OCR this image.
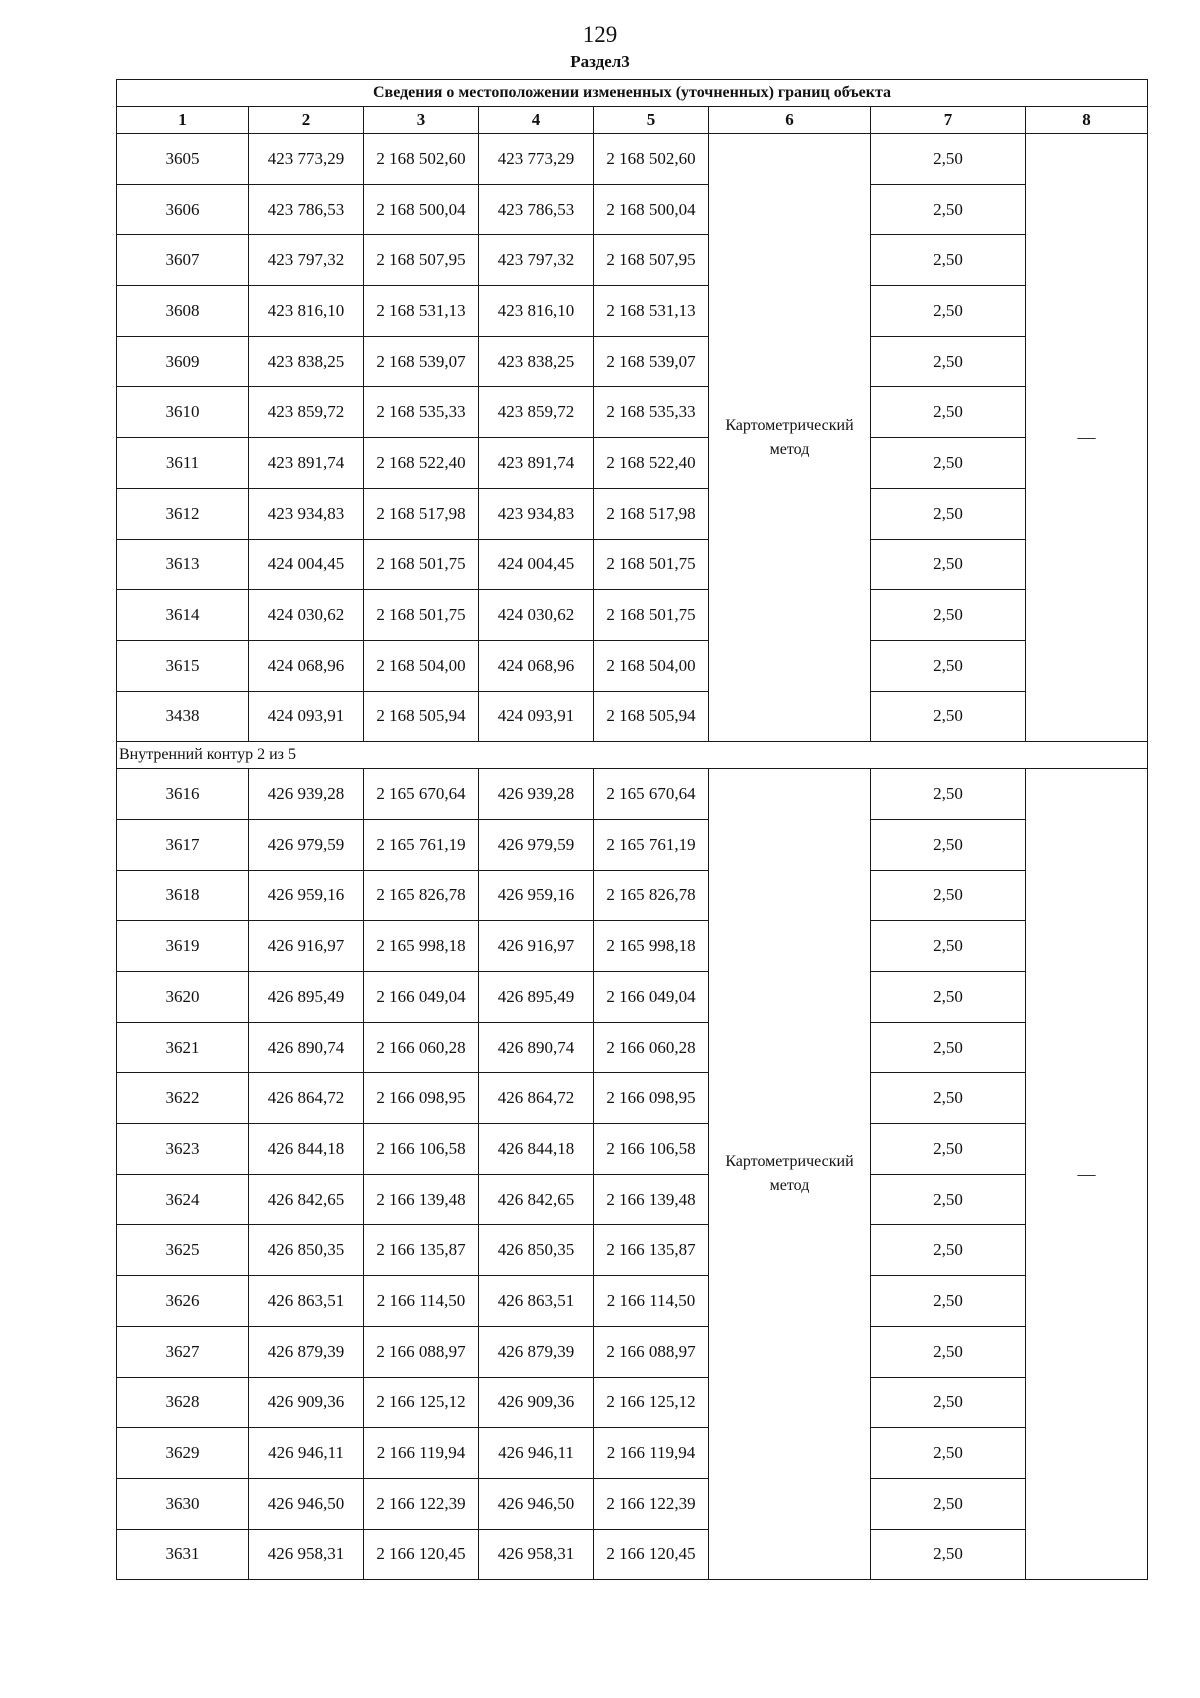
129
Раздел3
Сведения о местоположении измененных (уточненных) границ объекта							
1	2	3	4	5	6	7	8
3605	423 773,29	2 168 502,60	423 773,29	2 168 502,60	Картометрический метод	2,50	—
3606	423 786,53	2 168 500,04	423 786,53	2 168 500,04		2,50	
3607	423 797,32	2 168 507,95	423 797,32	2 168 507,95		2,50	
3608	423 816,10	2 168 531,13	423 816,10	2 168 531,13		2,50	
3609	423 838,25	2 168 539,07	423 838,25	2 168 539,07		2,50	
3610	423 859,72	2 168 535,33	423 859,72	2 168 535,33		2,50	
3611	423 891,74	2 168 522,40	423 891,74	2 168 522,40		2,50	
3612	423 934,83	2 168 517,98	423 934,83	2 168 517,98		2,50	
3613	424 004,45	2 168 501,75	424 004,45	2 168 501,75		2,50	
3614	424 030,62	2 168 501,75	424 030,62	2 168 501,75		2,50	
3615	424 068,96	2 168 504,00	424 068,96	2 168 504,00		2,50	
3438	424 093,91	2 168 505,94	424 093,91	2 168 505,94		2,50	
Внутренний контур 2 из 5							
3616	426 939,28	2 165 670,64	426 939,28	2 165 670,64	Картометрический метод	2,50	—
3617	426 979,59	2 165 761,19	426 979,59	2 165 761,19		2,50	
3618	426 959,16	2 165 826,78	426 959,16	2 165 826,78		2,50	
3619	426 916,97	2 165 998,18	426 916,97	2 165 998,18		2,50	
3620	426 895,49	2 166 049,04	426 895,49	2 166 049,04		2,50	
3621	426 890,74	2 166 060,28	426 890,74	2 166 060,28		2,50	
3622	426 864,72	2 166 098,95	426 864,72	2 166 098,95		2,50	
3623	426 844,18	2 166 106,58	426 844,18	2 166 106,58		2,50	
3624	426 842,65	2 166 139,48	426 842,65	2 166 139,48		2,50	
3625	426 850,35	2 166 135,87	426 850,35	2 166 135,87		2,50	
3626	426 863,51	2 166 114,50	426 863,51	2 166 114,50		2,50	
3627	426 879,39	2 166 088,97	426 879,39	2 166 088,97		2,50	
3628	426 909,36	2 166 125,12	426 909,36	2 166 125,12		2,50	
3629	426 946,11	2 166 119,94	426 946,11	2 166 119,94		2,50	
3630	426 946,50	2 166 122,39	426 946,50	2 166 122,39		2,50	
3631	426 958,31	2 166 120,45	426 958,31	2 166 120,45		2,50	
